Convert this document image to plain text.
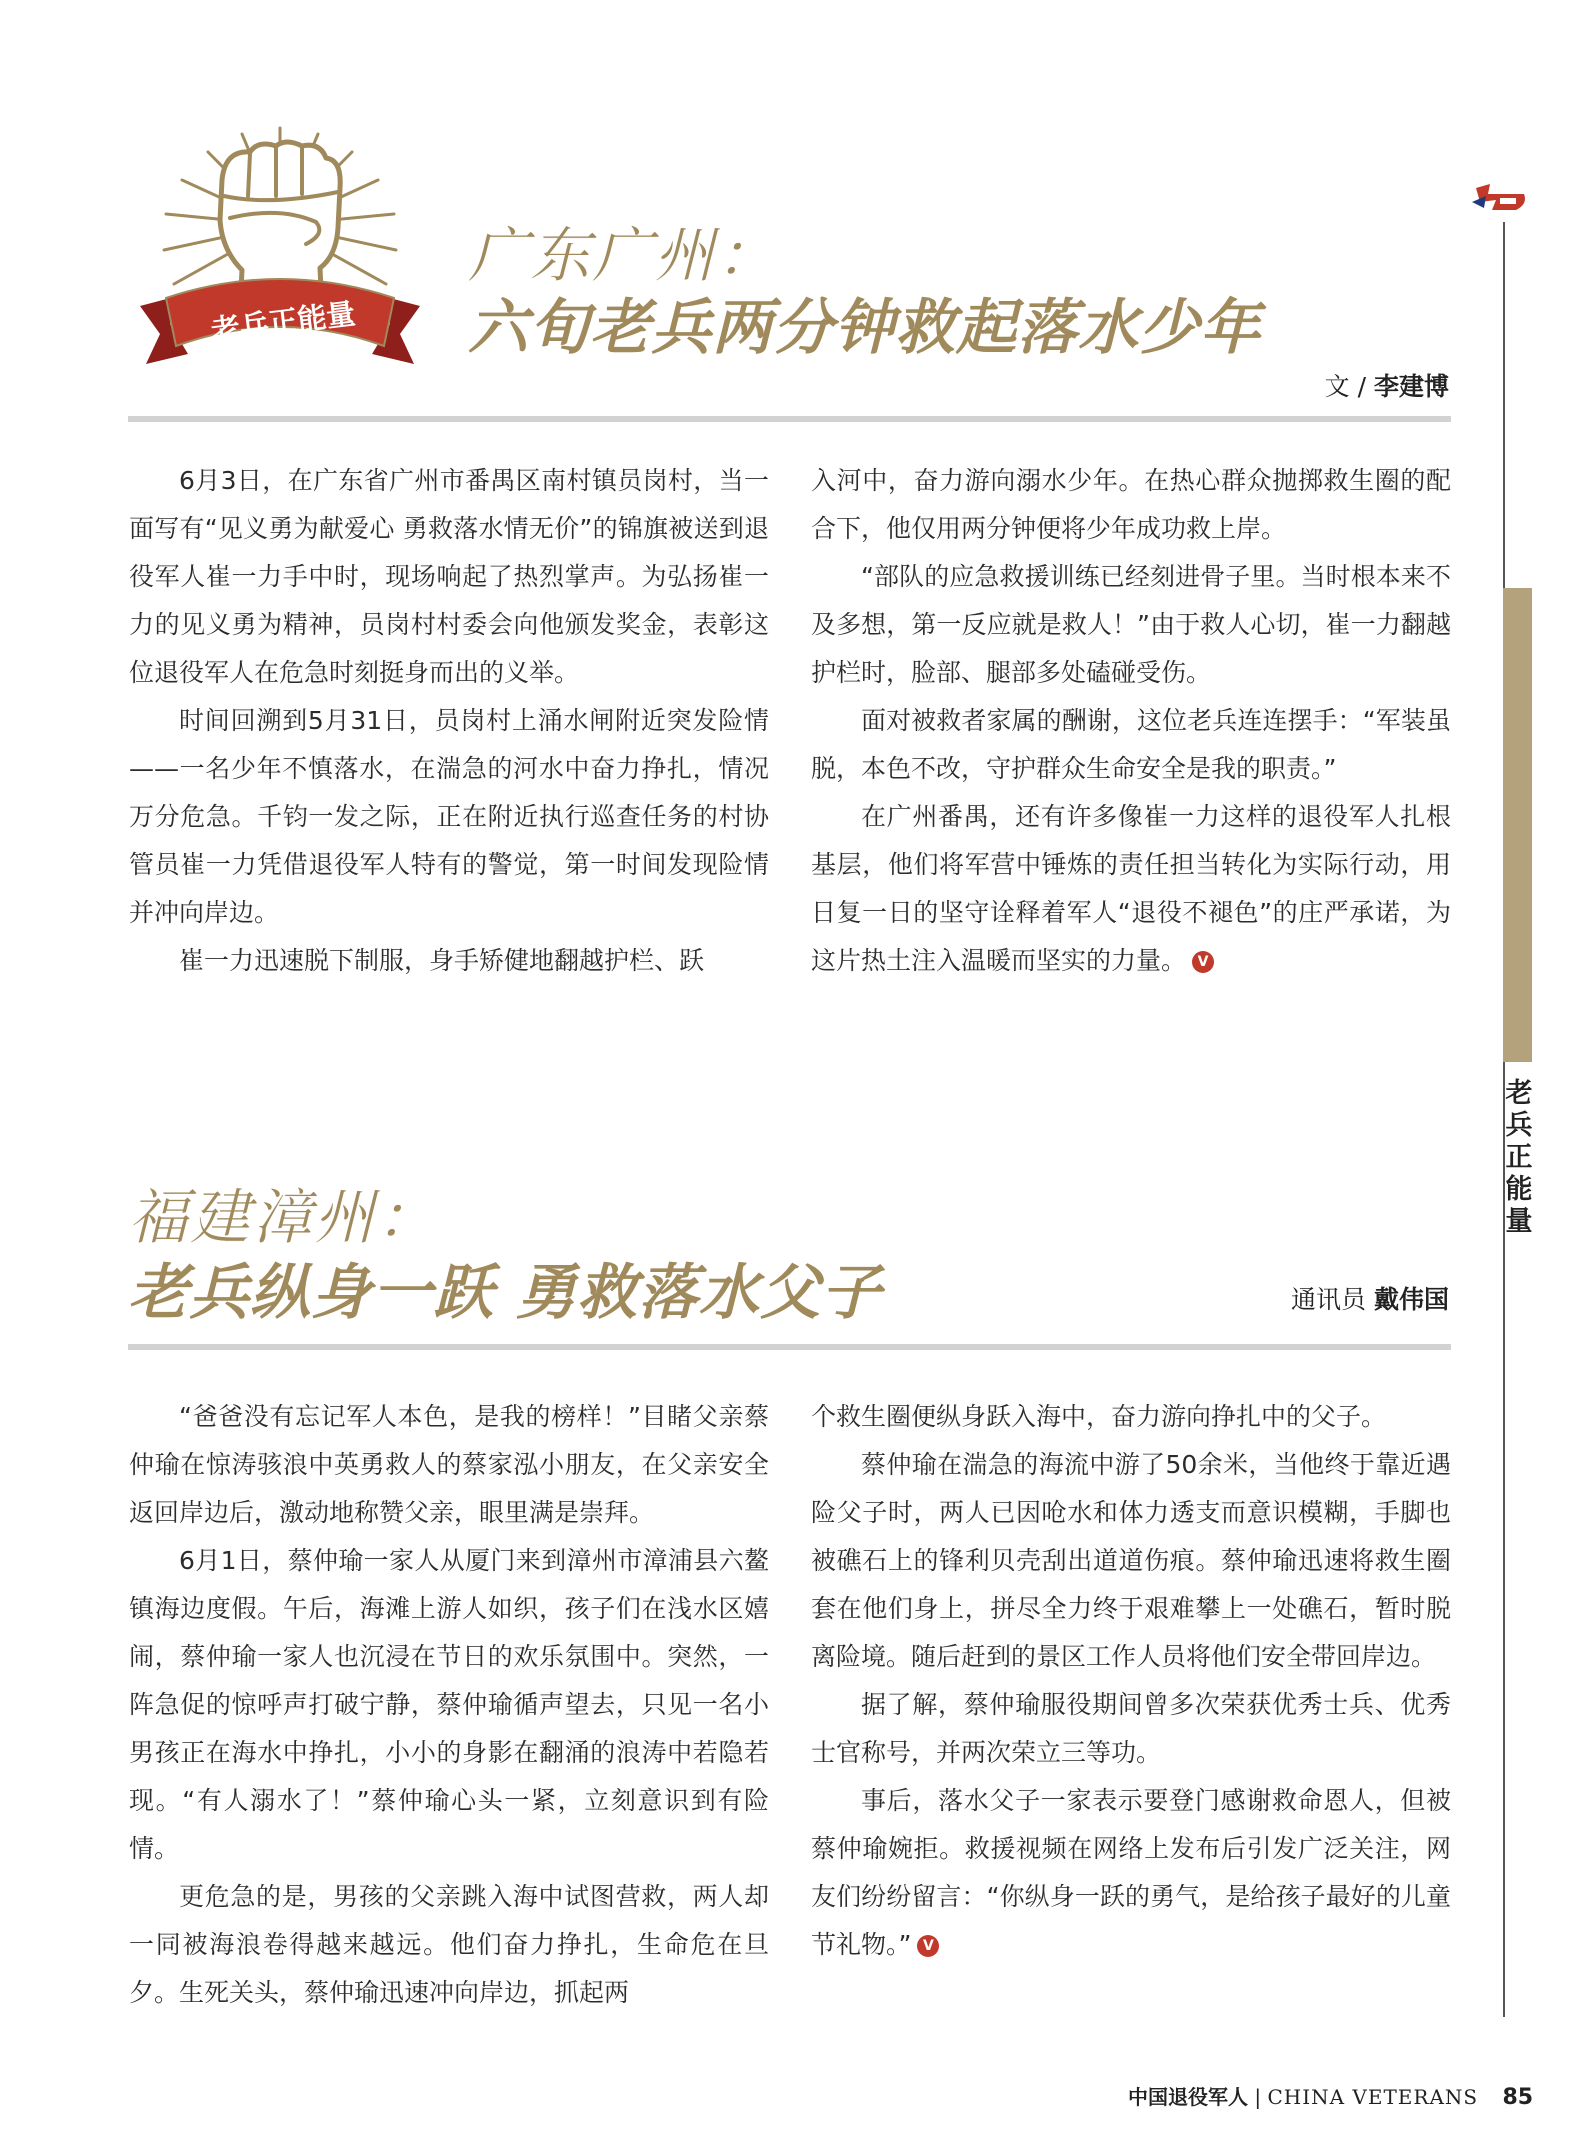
老兵正能量
广东广州：
六旬老兵两分钟救起落水少年
文 / 李建博

6月3日，在广东省广州市番禺区南村镇员岗村，当一面写有“见义勇为献爱心 勇救落水情无价”的锦旗被送到退役军人崔一力手中时，现场响起了热烈掌声。为弘扬崔一力的见义勇为精神，员岗村村委会向他颁发奖金，表彰这位退役军人在危急时刻挺身而出的义举。

时间回溯到5月31日，员岗村上涌水闸附近突发险情——一名少年不慎落水，在湍急的河水中奋力挣扎，情况万分危急。千钧一发之际，正在附近执行巡查任务的村协管员崔一力凭借退役军人特有的警觉，第一时间发现险情并冲向岸边。

崔一力迅速脱下制服，身手矫健地翻越护栏、跃

入河中，奋力游向溺水少年。在热心群众抛掷救生圈的配合下，他仅用两分钟便将少年成功救上岸。

“部队的应急救援训练已经刻进骨子里。当时根本来不及多想，第一反应就是救人！”由于救人心切，崔一力翻越护栏时，脸部、腿部多处磕碰受伤。

面对被救者家属的酬谢，这位老兵连连摆手：“军装虽脱，本色不改，守护群众生命安全是我的职责。”

在广州番禺，还有许多像崔一力这样的退役军人扎根基层，他们将军营中锤炼的责任担当转化为实际行动，用日复一日的坚守诠释着军人“退役不褪色”的庄严承诺，为这片热土注入温暖而坚实的力量。 V

福建漳州：
老兵纵身一跃 勇救落水父子	通讯员 戴伟国

“爸爸没有忘记军人本色，是我的榜样！”目睹父亲蔡仲瑜在惊涛骇浪中英勇救人的蔡家泓小朋友，在父亲安全返回岸边后，激动地称赞父亲，眼里满是崇拜。

6月1日，蔡仲瑜一家人从厦门来到漳州市漳浦县六鳌镇海边度假。午后，海滩上游人如织，孩子们在浅水区嬉闹，蔡仲瑜一家人也沉浸在节日的欢乐氛围中。突然，一阵急促的惊呼声打破宁静，蔡仲瑜循声望去，只见一名小男孩正在海水中挣扎，小小的身影在翻涌的浪涛中若隐若现。“有人溺水了！”蔡仲瑜心头一紧，立刻意识到有险情。

更危急的是，男孩的父亲跳入海中试图营救，两人却一同被海浪卷得越来越远。他们奋力挣扎，生命危在旦夕。生死关头，蔡仲瑜迅速冲向岸边，抓起两

个救生圈便纵身跃入海中，奋力游向挣扎中的父子。

蔡仲瑜在湍急的海流中游了50余米，当他终于靠近遇险父子时，两人已因呛水和体力透支而意识模糊，手脚也被礁石上的锋利贝壳刮出道道伤痕。蔡仲瑜迅速将救生圈套在他们身上，拼尽全力终于艰难攀上一处礁石，暂时脱离险境。随后赶到的景区工作人员将他们安全带回岸边。

据了解，蔡仲瑜服役期间曾多次荣获优秀士兵、优秀士官称号，并两次荣立三等功。

事后，落水父子一家表示要登门感谢救命恩人，但被蔡仲瑜婉拒。救援视频在网络上发布后引发广泛关注，网友们纷纷留言：“你纵身一跃的勇气，是给孩子最好的儿童节礼物。” V

老兵正能量
中国退役军人 | CHINA VETERANS 85
